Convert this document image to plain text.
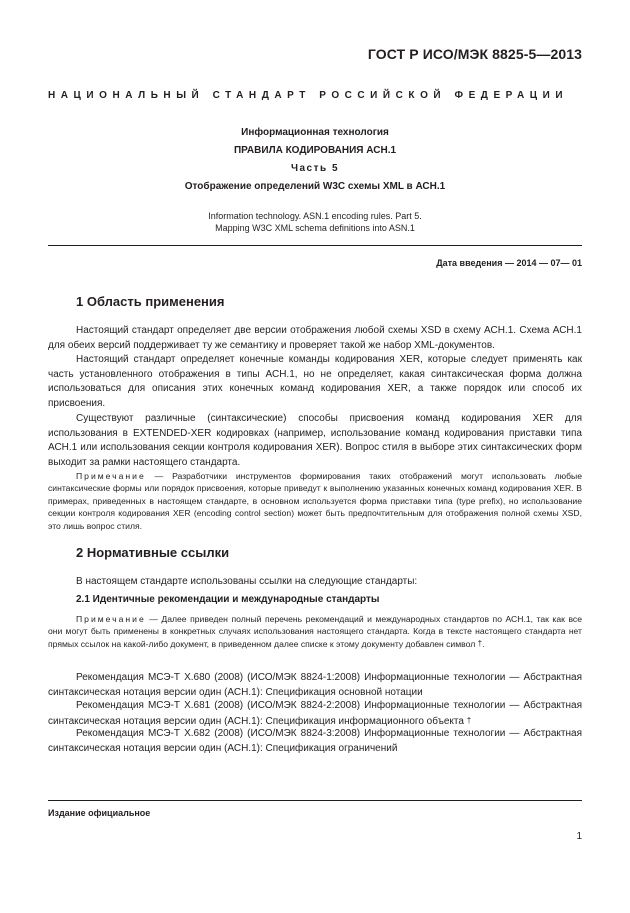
ГОСТ Р ИСО/МЭК 8825-5—2013
НАЦИОНАЛЬНЫЙ СТАНДАРТ РОССИЙСКОЙ ФЕДЕРАЦИИ
Информационная технология
ПРАВИЛА КОДИРОВАНИЯ АСН.1
Часть 5
Отображение определений W3C схемы XML в АСН.1
Information technology. ASN.1 encoding rules. Part 5.
Mapping W3C XML schema definitions into ASN.1
Дата введения — 2014 — 07— 01
1 Область применения
Настоящий стандарт определяет две версии отображения любой схемы XSD в схему АСН.1. Схема АСН.1 для обеих версий поддерживает ту же семантику и проверяет такой же набор XML-документов.
Настоящий стандарт определяет конечные команды кодирования XER, которые следует применять как часть установленного отображения в типы АСН.1, но не определяет, какая синтаксическая форма должна использоваться для описания этих конечных команд кодирования XER, а также порядок или способ их присвоения.
Существуют различные (синтаксические) способы присвоения команд кодирования XER для использования в EXTENDED-XER кодировках (например, использование команд кодирования приставки типа АСН.1 или использования секции контроля кодирования XER). Вопрос стиля в выборе этих синтаксических форм выходит за рамки настоящего стандарта.
Примечание — Разработчики инструментов формирования таких отображений могут использовать любые синтаксические формы или порядок присвоения, которые приведут к выполнению указанных конечных команд кодирования XER. В примерах, приведенных в настоящем стандарте, в основном используется форма приставки типа (type prefix), но использование секции контроля кодирования XER (encoding control section) может быть предпочтительным для отображения полной схемы XSD, это лишь вопрос стиля.
2 Нормативные ссылки
В настоящем стандарте использованы ссылки на следующие стандарты:
2.1 Идентичные рекомендации и международные стандарты
Примечание — Далее приведен полный перечень рекомендаций и международных стандартов по АСН.1, так как все они могут быть применены в конкретных случаях использования настоящего стандарта. Когда в тексте настоящего стандарта нет прямых ссылок на какой-либо документ, в приведенном далее списке к этому документу добавлен символ †.
Рекомендация МСЭ-Т X.680 (2008) (ИСО/МЭК 8824-1:2008) Информационные технологии — Абстрактная синтаксическая нотация версии один (АСН.1): Спецификация основной нотации
Рекомендация МСЭ-Т X.681 (2008) (ИСО/МЭК 8824-2:2008) Информационные технологии — Абстрактная синтаксическая нотация версии один (АСН.1): Спецификация информационного объекта †
Рекомендация МСЭ-Т X.682 (2008) (ИСО/МЭК 8824-3:2008) Информационные технологии — Абстрактная синтаксическая нотация версии один (АСН.1): Спецификация ограничений
Издание официальное
1
